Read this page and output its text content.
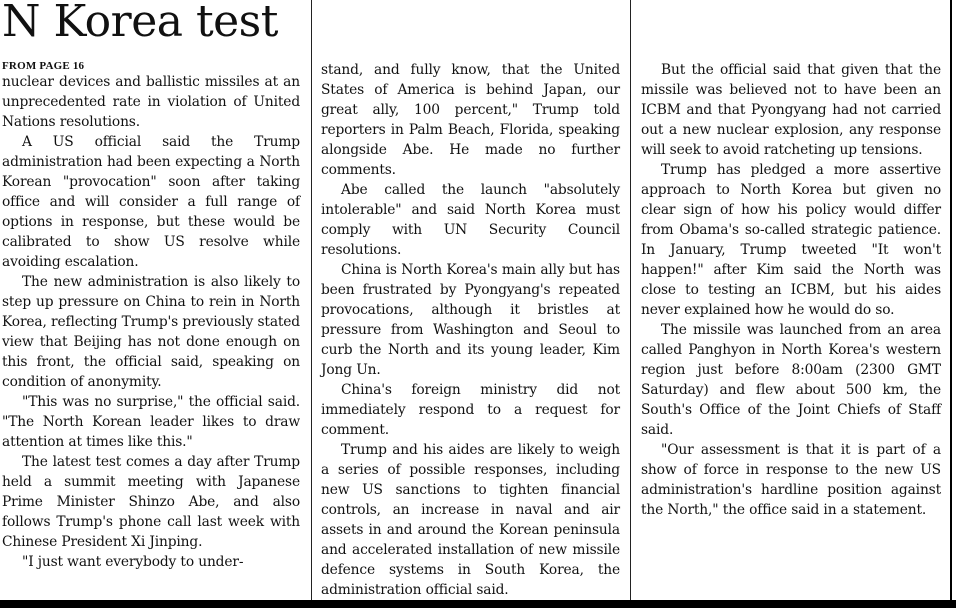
N Korea test
FROM PAGE 16

nuclear devices and ballistic missiles at an unprecedented rate in violation of United Nations resolutions.

A US official said the Trump administration had been expecting a North Korean "provocation" soon after taking office and will consider a full range of options in response, but these would be calibrated to show US resolve while avoiding escalation.

The new administration is also likely to step up pressure on China to rein in North Korea, reflecting Trump's previously stated view that Beijing has not done enough on this front, the official said, speaking on condition of anonymity.

"This was no surprise," the official said. "The North Korean leader likes to draw attention at times like this."

The latest test comes a day after Trump held a summit meeting with Japanese Prime Minister Shinzo Abe, and also follows Trump's phone call last week with Chinese President Xi Jinping.

"I just want everybody to under-

stand, and fully know, that the United States of America is behind Japan, our great ally, 100 percent," Trump told reporters in Palm Beach, Florida, speaking alongside Abe. He made no further comments.

Abe called the launch "absolutely intolerable" and said North Korea must comply with UN Security Council resolutions.

China is North Korea's main ally but has been frustrated by Pyongyang's repeated provocations, although it bristles at pressure from Washington and Seoul to curb the North and its young leader, Kim Jong Un.

China's foreign ministry did not immediately respond to a request for comment.

Trump and his aides are likely to weigh a series of possible responses, including new US sanctions to tighten financial controls, an increase in naval and air assets in and around the Korean peninsula and accelerated installation of new missile defence systems in South Korea, the administration official said.

But the official said that given that the missile was believed not to have been an ICBM and that Pyongyang had not carried out a new nuclear explosion, any response will seek to avoid ratcheting up tensions.

Trump has pledged a more assertive approach to North Korea but given no clear sign of how his policy would differ from Obama's so-called strategic patience. In January, Trump tweeted "It won't happen!" after Kim said the North was close to testing an ICBM, but his aides never explained how he would do so.

The missile was launched from an area called Panghyon in North Korea's western region just before 8:00am (2300 GMT Saturday) and flew about 500 km, the South's Office of the Joint Chiefs of Staff said.

"Our assessment is that it is part of a show of force in response to the new US administration's hardline position against the North," the office said in a statement.
